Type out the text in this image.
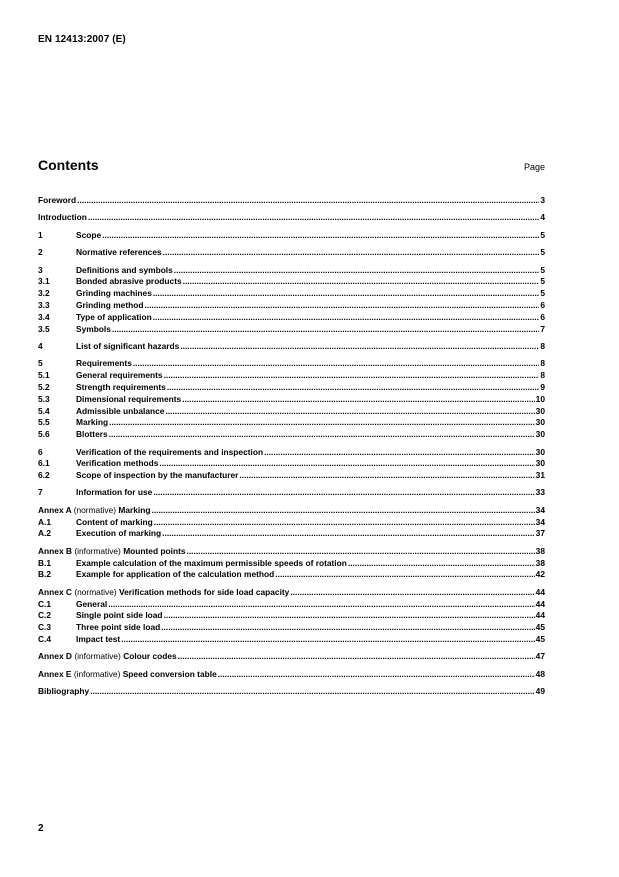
EN 12413:2007 (E)
Contents	Page
Foreword .....	3
Introduction .....	4
1	Scope .....	5
2	Normative references .....	5
3	Definitions and symbols .....	5
3.1	Bonded abrasive products .....	5
3.2	Grinding machines .....	5
3.3	Grinding method .....	6
3.4	Type of application .....	6
3.5	Symbols .....	7
4	List of significant hazards .....	8
5	Requirements .....	8
5.1	General requirements .....	8
5.2	Strength requirements .....	9
5.3	Dimensional requirements .....	10
5.4	Admissible unbalance .....	30
5.5	Marking .....	30
5.6	Blotters .....	30
6	Verification of the requirements and inspection .....	30
6.1	Verification methods .....	30
6.2	Scope of inspection by the manufacturer .....	31
7	Information for use .....	33
Annex A (normative) Marking .....	34
A.1	Content of marking .....	34
A.2	Execution of marking .....	37
Annex B (informative) Mounted points .....	38
B.1	Example calculation of the maximum permissible speeds of rotation .....	38
B.2	Example for application of the calculation method .....	42
Annex C (normative) Verification methods for side load capacity .....	44
C.1	General .....	44
C.2	Single point side load .....	44
C.3	Three point side load .....	45
C.4	Impact test .....	45
Annex D (informative) Colour codes .....	47
Annex E (informative) Speed conversion table .....	48
Bibliography .....	49
2
